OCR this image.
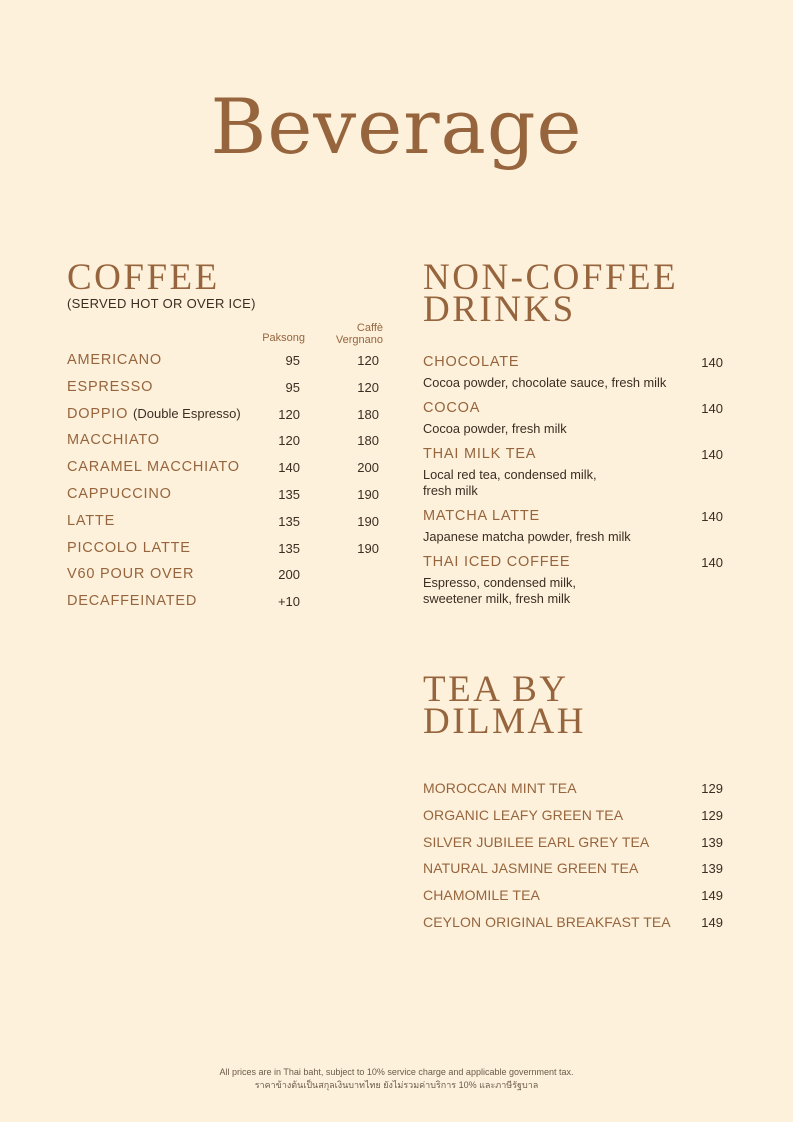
Beverage
COFFEE
(SERVED HOT OR OVER ICE)
Paksong
Caffè
Vergnano
AMERICANO	95	120
ESPRESSO	95	120
DOPPIO (Double Espresso)	120	180
MACCHIATO	120	180
CARAMEL MACCHIATO	140	200
CAPPUCCINO	135	190
LATTE	135	190
PICCOLO LATTE	135	190
V60 POUR OVER	200
DECAFFEINATED	+10
NON-COFFEE
DRINKS
CHOCOLATE	140
Cocoa powder, chocolate sauce, fresh milk
COCOA	140
Cocoa powder, fresh milk
THAI MILK TEA	140
Local red tea, condensed milk,
fresh milk
MATCHA LATTE	140
Japanese matcha powder, fresh milk
THAI ICED COFFEE	140
Espresso, condensed milk,
sweetener milk, fresh milk
TEA BY DILMAH
MOROCCAN MINT TEA	129
ORGANIC LEAFY GREEN TEA	129
SILVER JUBILEE EARL GREY TEA	139
NATURAL JASMINE GREEN TEA	139
CHAMOMILE TEA	149
CEYLON ORIGINAL BREAKFAST TEA 149
All prices are in Thai baht, subject to 10% service charge and applicable government tax.
ราคาข้างต้นเป็นสกุลเงินบาทไทย ยังไม่รวมค่าบริการ 10% และภาษีรัฐบาล
